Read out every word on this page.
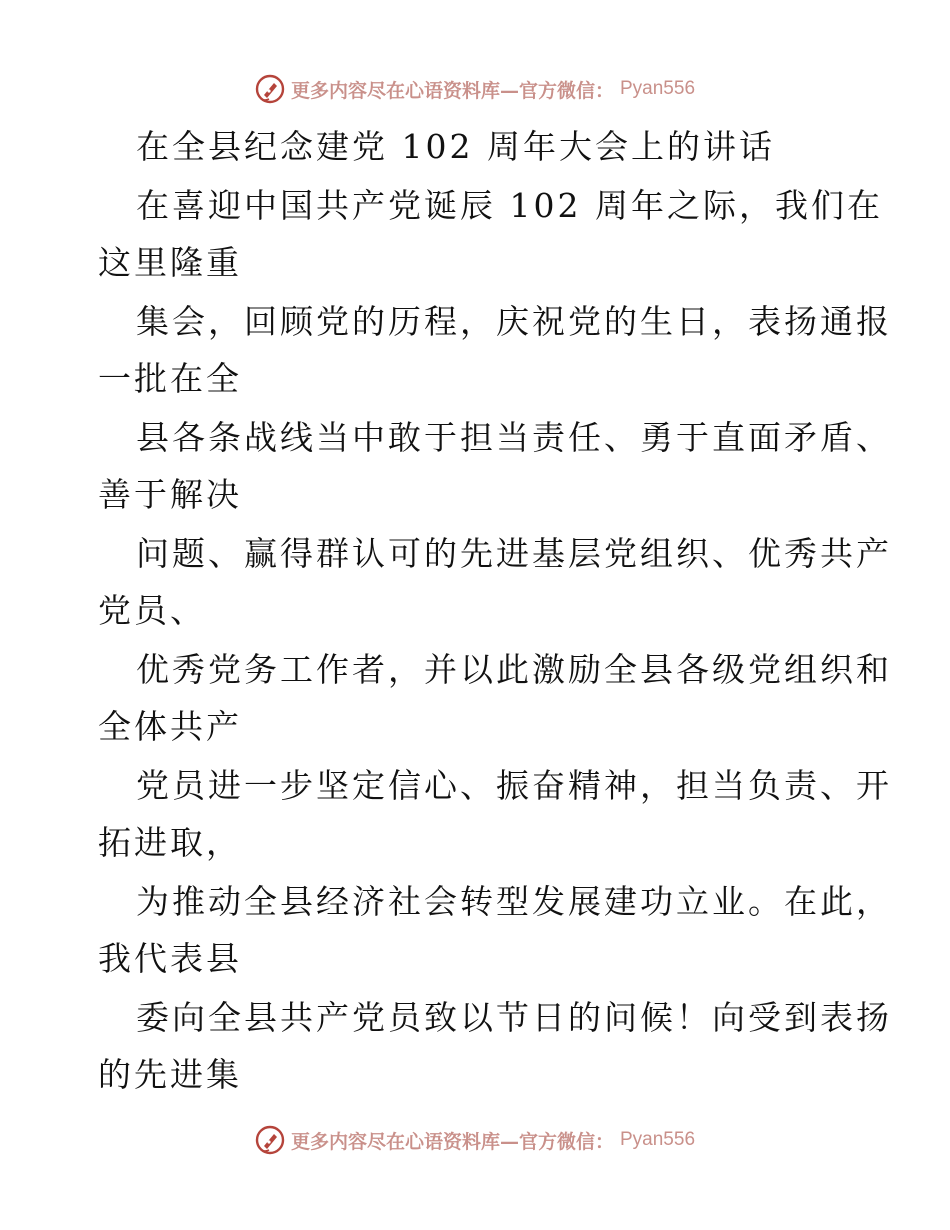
更多内容尽在心语资料库—官方微信： Pyan556
在全县纪念建党 102 周年大会上的讲话
在喜迎中国共产党诞辰 102 周年之际，我们在
这里隆重
集会，回顾党的历程，庆祝党的生日，表扬通报
一批在全
县各条战线当中敢于担当责任、勇于直面矛盾、
善于解决
问题、赢得群认可的先进基层党组织、优秀共产
党员、
优秀党务工作者，并以此激励全县各级党组织和
全体共产
党员进一步坚定信心、振奋精神，担当负责、开
拓进取，
为推动全县经济社会转型发展建功立业。在此，
我代表县
委向全县共产党员致以节日的问候！向受到表扬
的先进集
更多内容尽在心语资料库—官方微信： Pyan556
